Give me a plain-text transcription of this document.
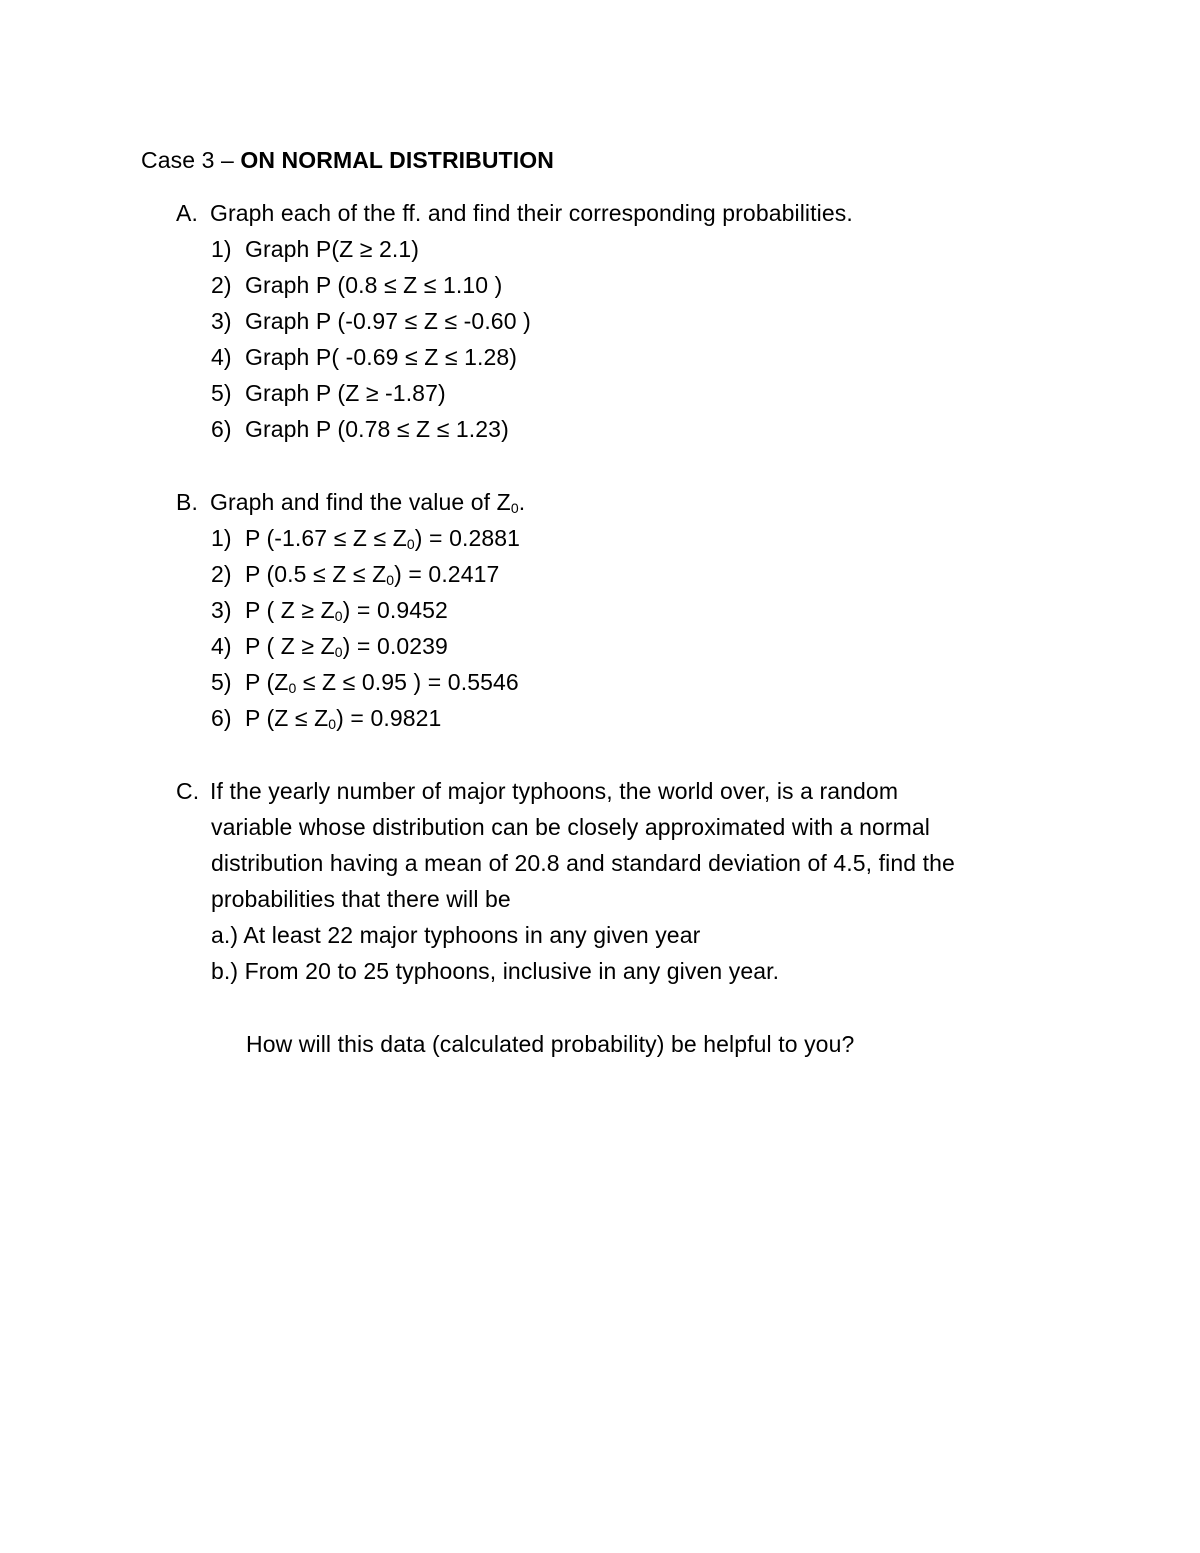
Case 3 – ON NORMAL DISTRIBUTION
A. Graph each of the ff. and find their corresponding probabilities.
1) Graph P(Z ≥ 2.1)
2) Graph P (0.8 ≤ Z ≤ 1.10 )
3) Graph P (-0.97 ≤ Z ≤ -0.60 )
4) Graph P( -0.69 ≤ Z ≤ 1.28)
5) Graph P (Z ≥ -1.87)
6) Graph P (0.78 ≤ Z ≤ 1.23)
B. Graph and find the value of $Z_0$.
1) P $(-1.67 \le Z \le Z_0) = 0.2881$
2) P $(0.5 \le Z \le Z_0) = 0.2417$
3) P ( $Z \ge Z_0) = 0.9452$
4) P ( $Z \ge Z_0) = 0.0239$
5) P ($Z_0 \le Z \le 0.95$ ) = 0.5546
6) P $(Z \le Z_0) = 0.9821$
C. If the yearly number of major typhoons, the world over, is a random
variable whose distribution can be closely approximated with a normal
distribution having a mean of 20.8 and standard deviation of 4.5, find the
probabilities that there will be
a.) At least 22 major typhoons in any given year
b.) From 20 to 25 typhoons, inclusive in any given year.
How will this data (calculated probability) be helpful to you?
